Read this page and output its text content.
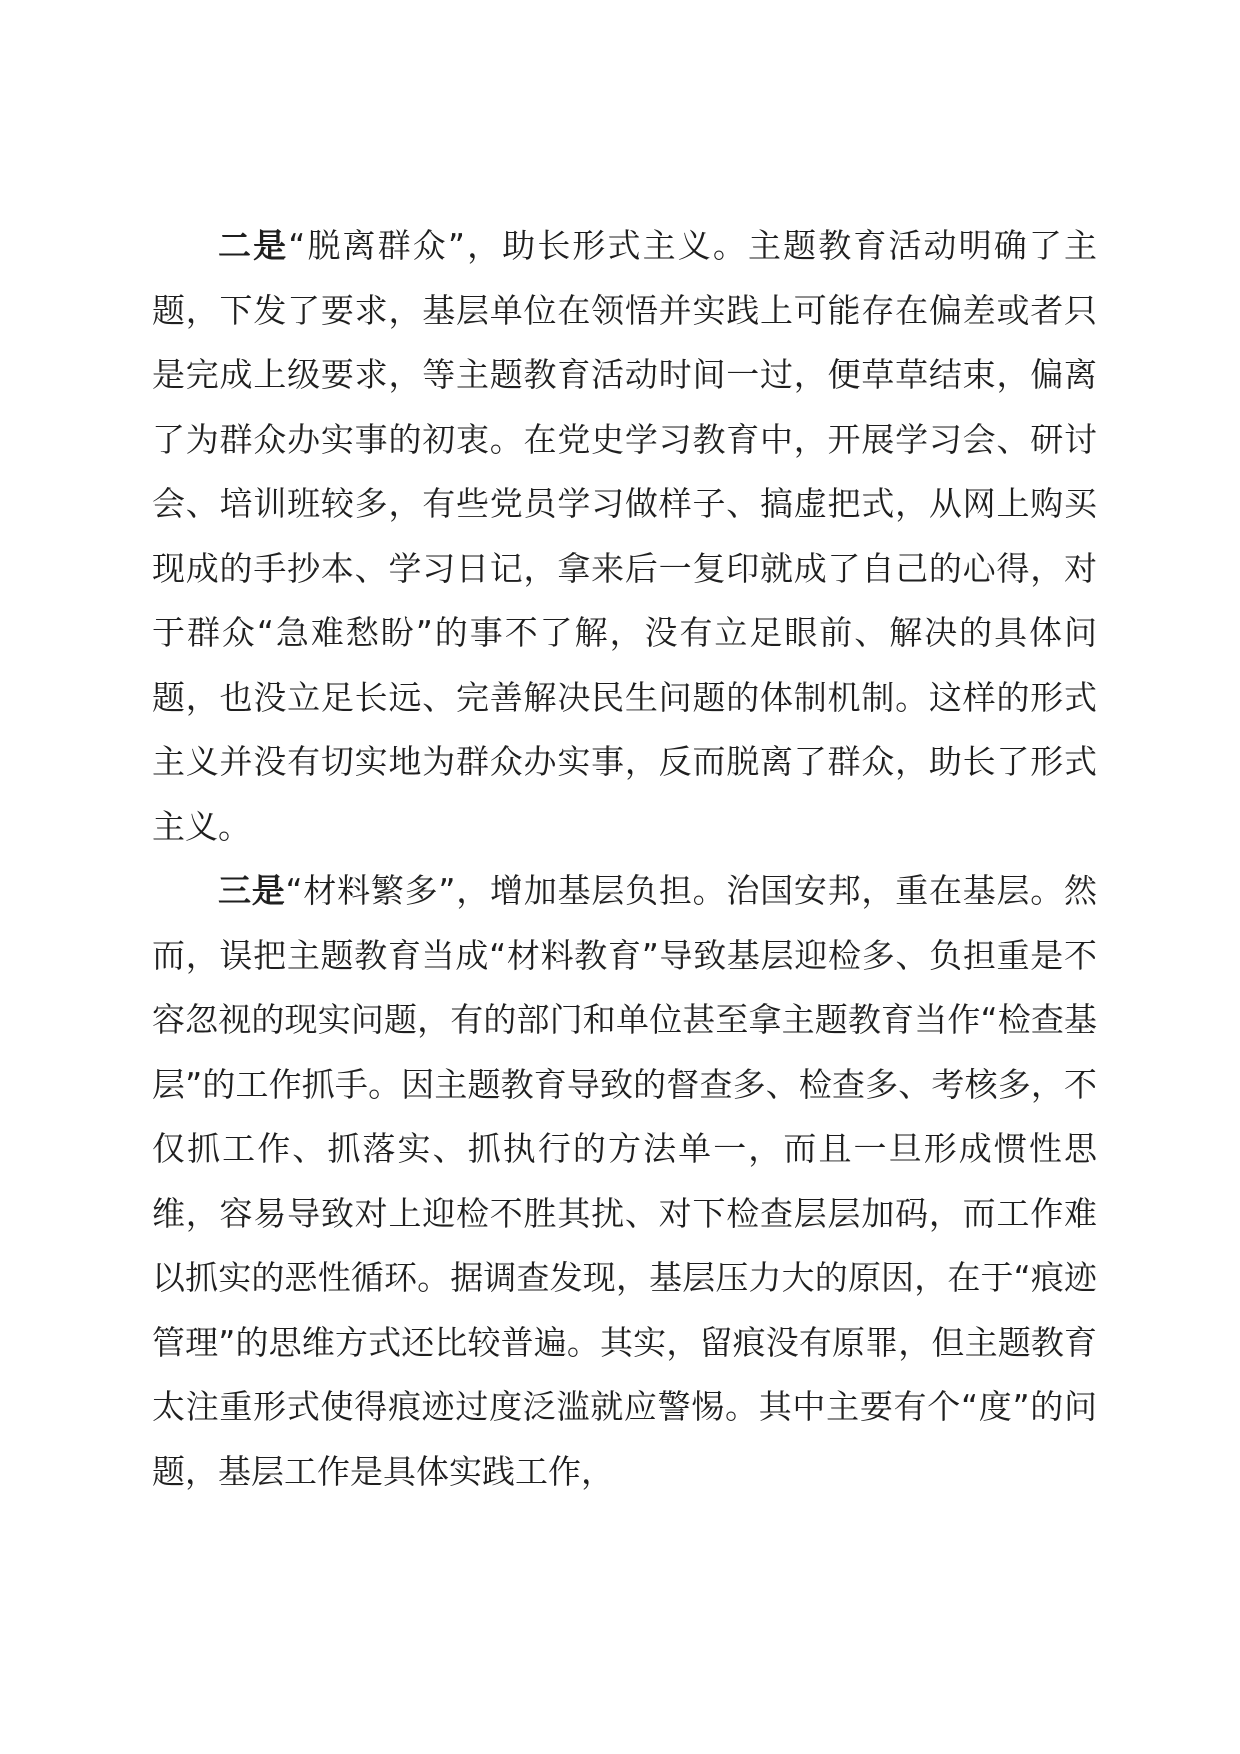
二是“脱离群众”，助长形式主义。主题教育活动明确了主题，下发了要求，基层单位在领悟并实践上可能存在偏差或者只是完成上级要求，等主题教育活动时间一过，便草草结束，偏离了为群众办实事的初衷。在党史学习教育中，开展学习会、研讨会、培训班较多，有些党员学习做样子、搞虚把式，从网上购买现成的手抄本、学习日记，拿来后一复印就成了自己的心得，对于群众“急难愁盼”的事不了解，没有立足眼前、解决的具体问题，也没立足长远、完善解决民生问题的体制机制。这样的形式主义并没有切实地为群众办实事，反而脱离了群众，助长了形式主义。

三是“材料繁多”，增加基层负担。治国安邦，重在基层。然而，误把主题教育当成“材料教育”导致基层迎检多、负担重是不容忽视的现实问题，有的部门和单位甚至拿主题教育当作“检查基层”的工作抓手。因主题教育导致的督查多、检查多、考核多，不仅抓工作、抓落实、抓执行的方法单一，而且一旦形成惯性思维，容易导致对上迎检不胜其扰、对下检查层层加码，而工作难以抓实的恶性循环。据调查发现，基层压力大的原因，在于“痕迹管理”的思维方式还比较普遍。其实，留痕没有原罪，但主题教育太注重形式使得痕迹过度泛滥就应警惕。其中主要有个“度”的问题，基层工作是具体实践工作，
